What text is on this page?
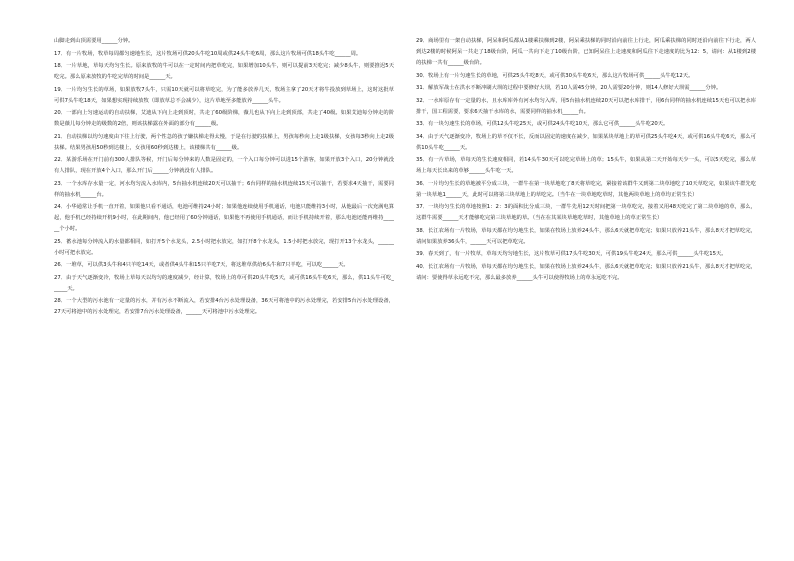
山脚走到山顶需要用______分钟。

17．有一片牧场，牧草每周都匀速地生长，这片牧场可供20头牛吃10周或供24头牛吃6周，那么这片牧场可供18头牛吃______周。

18．一片草地，草每天均匀生长。原来放牧的牛可以在一定时间内把草吃完，如果增加10头牛，则可以提前3天吃完；减少8头牛，则要推迟5天吃完。那么原来放牧的牛吃完草的时间是______天。

19．一片均匀生长的草场，如果放牧7头牛，只需10天就可以将草吃完，为了能多放养几天，牧场主拿了20天才将牛投放到草场上，这时这批草可供7头牛吃18天，如果想实现持续放牧（即放草总不会减少），这片草地至多能放养______头牛。

20．一部向上匀速运动的自动扶梯，艾迪从下向上走到顶时，共走了60级阶梯，薇儿也从下向上走到顶部，共走了40级。如果艾迪每分钟走的阶数是薇儿每分钟走的级数的2倍，则该扶梯露在外面的部分有______级。

21．自动扶梯以均匀速度由下往上行驶，两个性急的孩子嫌扶梯走得太慢，于是在行驶的扶梯上，男孩每秒向上走1级扶梯，女孩每3秒向上走2级扶梯。结果男孩用50秒到达楼上，女孩用60秒到达楼上，该楼梯共有______级。

22．某游乐场在开门前有300人排队等候，开门后每分钟来的人数是固定的，一个入口每分钟可以进15个游客，如果开放3个入口，20分钟就没有人排队，现在开放4个入口，那么开门后______分钟就没有人排队。

23．一个水库存水量一定，河水均匀流入水库内，5台抽水机连续20天可以抽干；6台同样的抽水机连续15天可以抽干，若要求4天抽干，需要同样的抽水机______台。

24．小华通常让手机一直开着，如果他只看不通话，电池可维持24小时；如果他连续使用手机通话，电池只能维持3小时，从他最后一次充满电算起，他手机已经持续开机9小时，在此期间内，他已经用了60分钟通话，如果他不再使用手机通话，而让手机持续开着，那么电池还能再维持______个小时。

25．蓄水池每分钟流入的水量都相同，如打开5个水龙头，2.5小时把水放完，如打开8个水龙头，1.5小时把水放完，现打开13个水龙头，______小时可把水放完。

26．一堆草，可以供3头牛和4只羊吃14天，或者供4头牛和15只羊吃7天，将这堆草供给6头牛和7只羊吃，可以吃______天。

27．由于天气逐渐变冷，牧场上草每天以均匀的速度减少，经计算，牧场上的草可供20头牛吃5天，或可供16头牛吃6天，那么，供11头牛可吃______天。

28．一个大型的污水池有一定量的污水，并有污水不断流入，若安排4台污水处理设备，36天可将池中的污水处理完，若安排5台污水处理设备，27天可将池中的污水处理完，若安排7台污水处理设备，______天可将池中污水处理完。

29．商场里有一架自动扶梯，阿呆和阿瓜都从1楼乘扶梯到2楼，阿呆乘扶梯的同时沿向前往上行走，阿瓜乘扶梯的同时还沿向前往下行走，两人到达2楼的时候阿呆一共走了18级台阶，阿瓜一共向下走了10级台阶，已知阿呆往上走速度和阿瓜往下走速度的比为12：5，请问：从1楼到2楼的扶梯一共有______级台阶。

30．牧场上有一片匀速生长的草地，可供25头牛吃8天，或可供30头牛吃6天，那么这片牧场可供______头牛吃12天。

31．解放军战士在洪水不断冲刷大坝的过程中要修好大坝，若10人需45分钟，20人需要20分钟，则14人修好大坝需______分钟。

32．一水库原存有一定量的水，且水库库外有河水均匀入库，用5台抽水机连续20天可以把水库排干，用6台同样的抽水机连续15天也可以把水库排干，国工程需要，要求6天抽干水库的水，需要同样的抽水机______台。

33．有一块匀速生长的草场，可供12头牛吃25天，或可供24头牛吃10天，那么它可供______头牛吃20天。

34．由于天气逐渐变冷，牧场上的草不仅不长，反而以固定的速度在减少，如果某块草地上的草可供25头牛吃4天，或可供16头牛吃6天，那么可供10头牛吃______天。

35．有一片草场，草每天的生长速度相同，若14头牛30天可以吃完草场上的草；15头牛，如果从第二天开始每天少一头，可以5天吃完，那么草场上每天长出来的草够______头牛吃一天。

36．一片均匀生长的草地被平分成三块，一群牛在第一块草地吃了8天将草吃完，紧接着该群牛又到第二块草地吃了10天草吃完，如果该牛群先吃第一块草地1______天，此时可以将第三块草地上的草吃完。（当牛在一块草地吃草时，其他两块草地上的草均正常生长）

37．一块均匀生长的草地按照1：2：3的面积比分成三块，一群牛先用12天时间把第一块草吃完，接着又用48天吃完了第二块草地的草，那么，这群牛需要______天才能够吃完第三块草地的草。（当在在其某块草地吃草时，其他草地上的草正常生长）

38．长江农场有一片牧场，草每天都在均匀地生长，如果在牧场上放养24头牛，那么6天就把草吃完；如果只放养21头牛，那么8天才把草吃完，请问如果放养36头牛，______天可以把草吃完。

39．春天到了，有一片牧草，草每天均匀地生长，这片牧草可供17头牛吃30天，可供19头牛吃24天，那么可供______头牛吃15天。

40．长江农场有一片牧场，草每天都在均匀地生长，如果在牧场上放养24头牛，那么6天就把草吃完；如果只放养21头牛，那么8天才把草吃完，请问：要使得草永远吃不完，那么最多放养______头牛可以使得牧场上的草永远吃不完。
